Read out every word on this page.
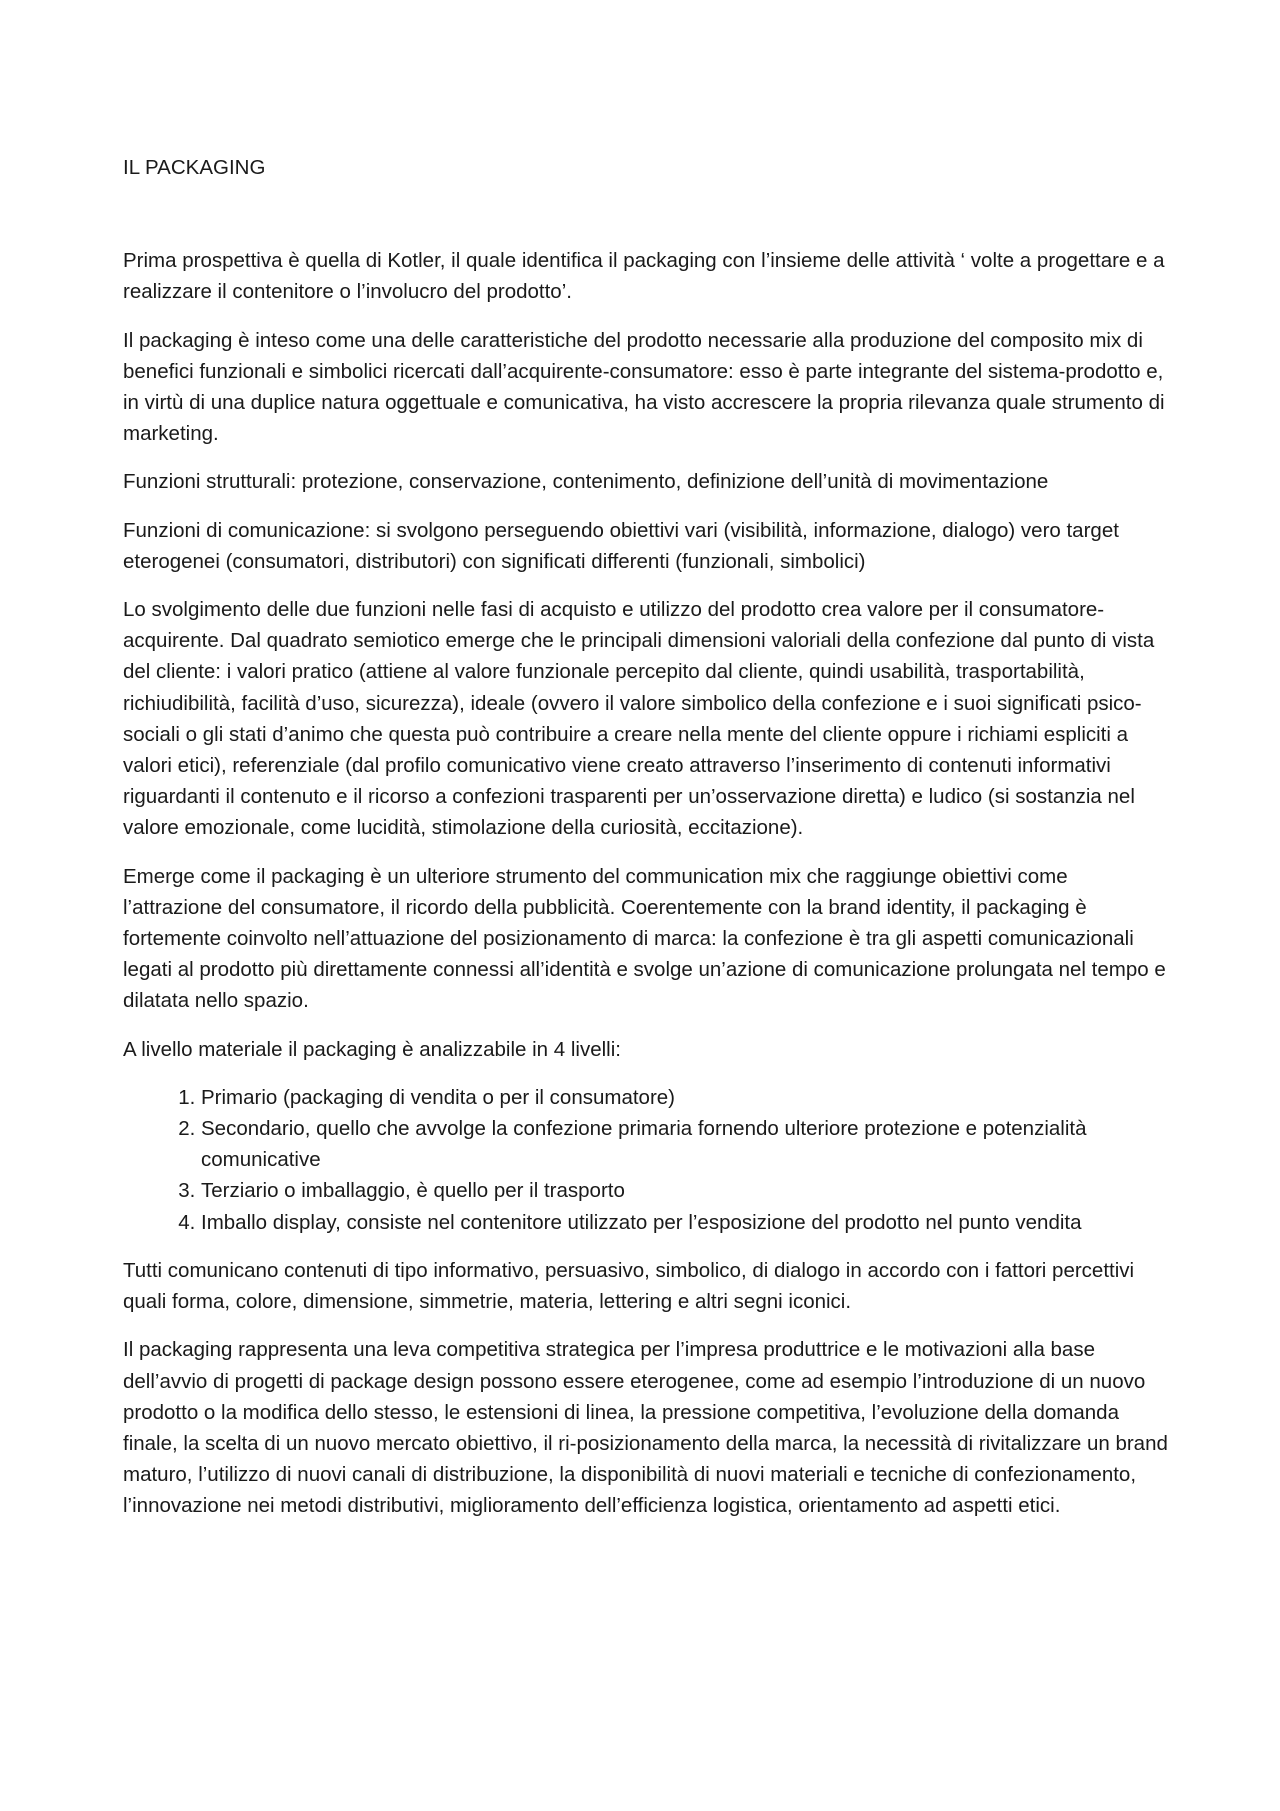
IL PACKAGING

Prima prospettiva è quella di Kotler, il quale identifica il packaging con l’insieme delle attività ‘ volte a progettare e a realizzare il contenitore o l’involucro del prodotto’.

Il packaging è inteso come una delle caratteristiche del prodotto necessarie alla produzione del composito mix di benefici funzionali e simbolici ricercati dall’acquirente-consumatore: esso è parte integrante del sistema-prodotto e, in virtù di una duplice natura oggettuale e comunicativa, ha visto accrescere la propria rilevanza quale strumento di marketing.

Funzioni strutturali: protezione, conservazione, contenimento, definizione dell’unità di movimentazione

Funzioni di comunicazione: si svolgono perseguendo obiettivi vari (visibilità, informazione, dialogo) vero target eterogenei (consumatori, distributori) con significati differenti (funzionali, simbolici)

Lo svolgimento delle due funzioni nelle fasi di acquisto e utilizzo del prodotto crea valore per il consumatore-acquirente. Dal quadrato semiotico emerge che le principali dimensioni valoriali della confezione dal punto di vista del cliente: i valori pratico (attiene al valore funzionale percepito dal cliente, quindi usabilità, trasportabilità, richiudibilità, facilità d’uso, sicurezza), ideale (ovvero il valore simbolico della confezione e i suoi significati psico-sociali o gli stati d’animo che questa può contribuire a creare nella mente del cliente oppure i richiami espliciti a valori etici), referenziale (dal profilo comunicativo viene creato attraverso l’inserimento di contenuti informativi riguardanti il contenuto e il ricorso a confezioni trasparenti per un’osservazione diretta) e ludico (si sostanzia nel valore emozionale, come lucidità, stimolazione della curiosità, eccitazione).

Emerge come il packaging è un ulteriore strumento del communication mix che raggiunge obiettivi come l’attrazione del consumatore, il ricordo della pubblicità. Coerentemente con la brand identity, il packaging è fortemente coinvolto nell’attuazione del posizionamento di marca: la confezione è tra gli aspetti comunicazionali legati al prodotto più direttamente connessi all’identità e svolge un’azione di comunicazione prolungata nel tempo e dilatata nello spazio.

A livello materiale il packaging è analizzabile in 4 livelli:

1. Primario (packaging di vendita o per il consumatore)
2. Secondario, quello che avvolge la confezione primaria fornendo ulteriore protezione e potenzialità comunicative
3. Terziario o imballaggio, è quello per il trasporto
4. Imballo display, consiste nel contenitore utilizzato per l’esposizione del prodotto nel punto vendita

Tutti comunicano contenuti di tipo informativo, persuasivo, simbolico, di dialogo in accordo con i fattori percettivi quali forma, colore, dimensione, simmetrie, materia, lettering e altri segni iconici.

Il packaging rappresenta una leva competitiva strategica per l’impresa produttrice e le motivazioni alla base dell’avvio di progetti di package design possono essere eterogenee, come ad esempio l’introduzione di un nuovo prodotto o la modifica dello stesso, le estensioni di linea, la pressione competitiva, l’evoluzione della domanda finale, la scelta di un nuovo mercato obiettivo, il ri-posizionamento della marca, la necessità di rivitalizzare un brand maturo, l’utilizzo di nuovi canali di distribuzione, la disponibilità di nuovi materiali e tecniche di confezionamento, l’innovazione nei metodi distributivi, miglioramento dell’efficienza logistica, orientamento ad aspetti etici.
